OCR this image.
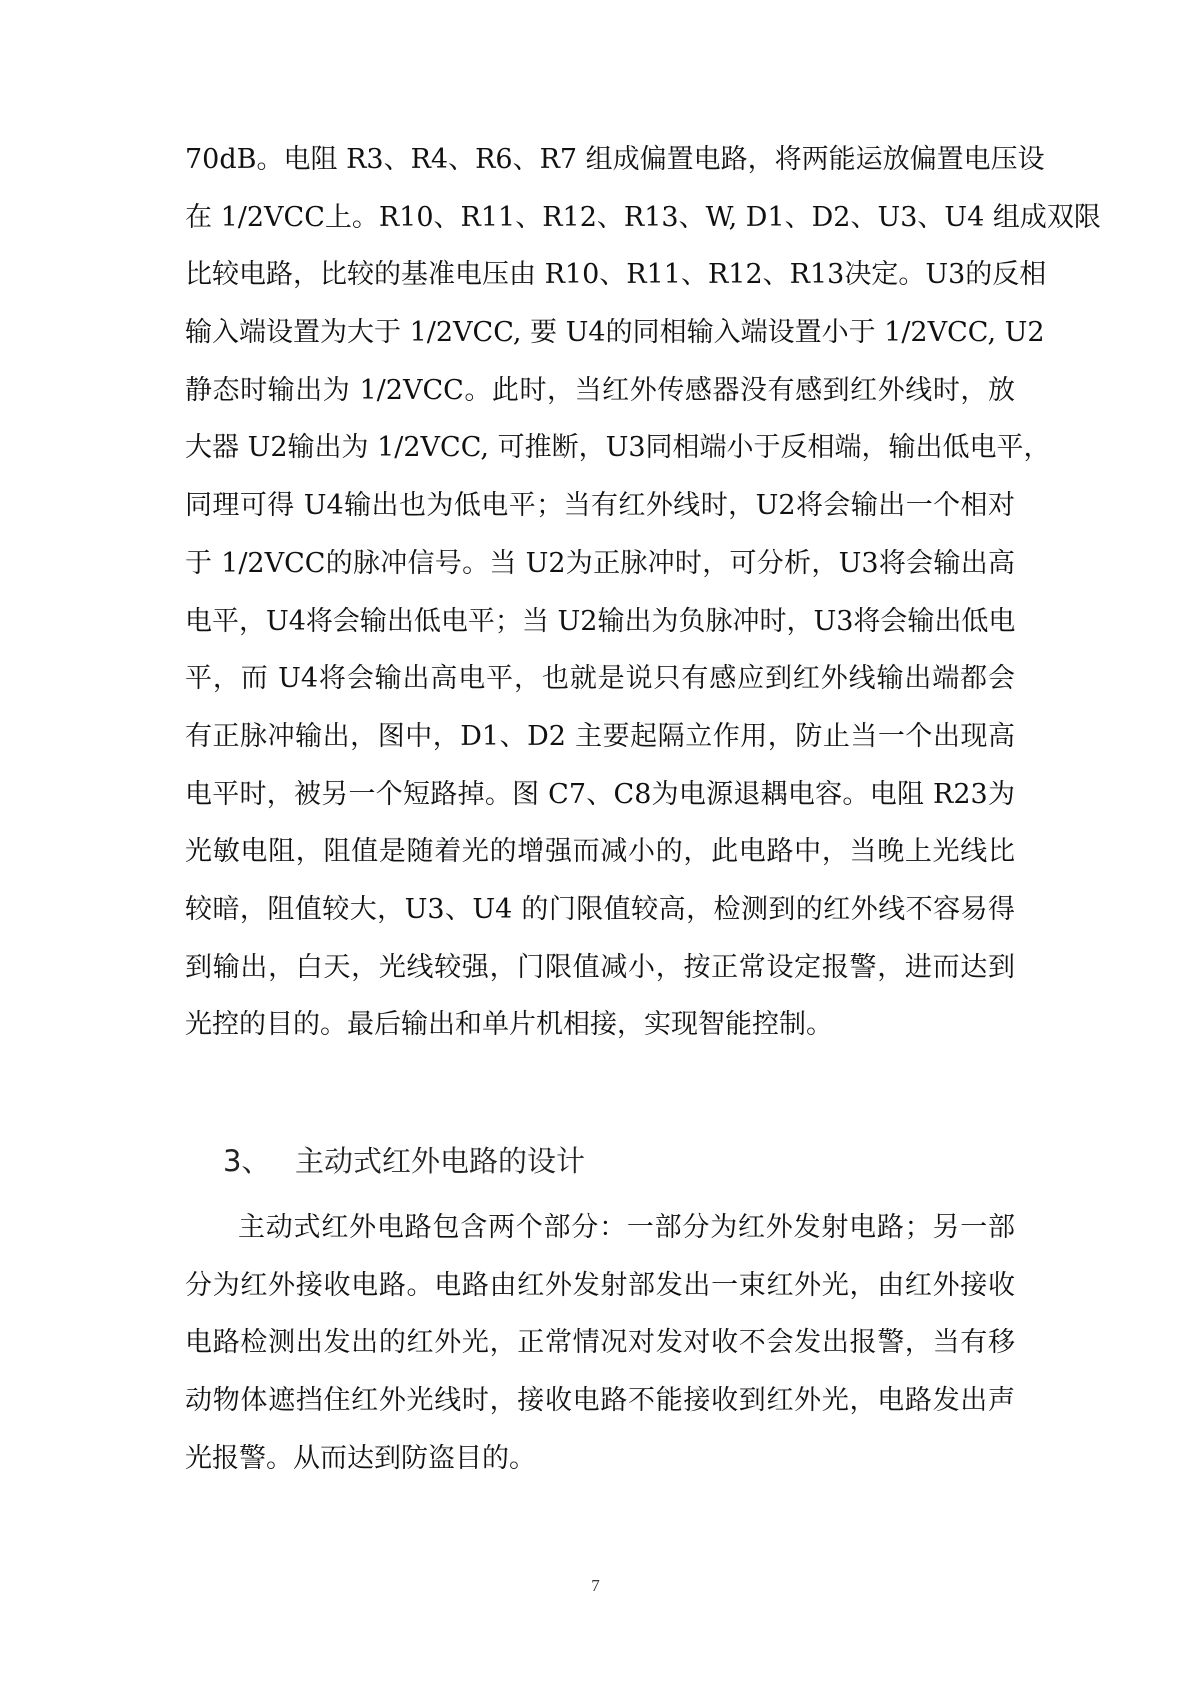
70dB。电阻 R3、R4、R6、R7 组成偏置电路，将两能运放偏置电压设
在 1/2VCC上。R10、R11、R12、R13、W, D1、D2、U3、U4 组成双限
比较电路，比较的基准电压由 R10、R11、R12、R13决定。U3的反相
输入端设置为大于 1/2VCC, 要 U4的同相输入端设置小于 1/2VCC, U2
静态时输出为 1/2VCC。此时，当红外传感器没有感到红外线时，放
大器 U2输出为 1/2VCC, 可推断，U3同相端小于反相端，输出低电平，
同理可得 U4输出也为低电平；当有红外线时，U2将会输出一个相对
于 1/2VCC的脉冲信号。当 U2为正脉冲时，可分析，U3将会输出高
电平，U4将会输出低电平；当 U2输出为负脉冲时，U3将会输出低电
平，而 U4将会输出高电平，也就是说只有感应到红外线输出端都会
有正脉冲输出，图中，D1、D2 主要起隔立作用，防止当一个出现高
电平时，被另一个短路掉。图 C7、C8为电源退耦电容。电阻 R23为
光敏电阻，阻值是随着光的增强而减小的，此电路中，当晚上光线比
较暗，阻值较大，U3、U4 的门限值较高，检测到的红外线不容易得
到输出，白天，光线较强，门限值减小，按正常设定报警，进而达到
光控的目的。最后输出和单片机相接，实现智能控制。
3、 主动式红外电路的设计
主动式红外电路包含两个部分：一部分为红外发射电路；另一部
分为红外接收电路。电路由红外发射部发出一束红外光，由红外接收
电路检测出发出的红外光，正常情况对发对收不会发出报警，当有移
动物体遮挡住红外光线时，接收电路不能接收到红外光，电路发出声
光报警。从而达到防盗目的。
7
